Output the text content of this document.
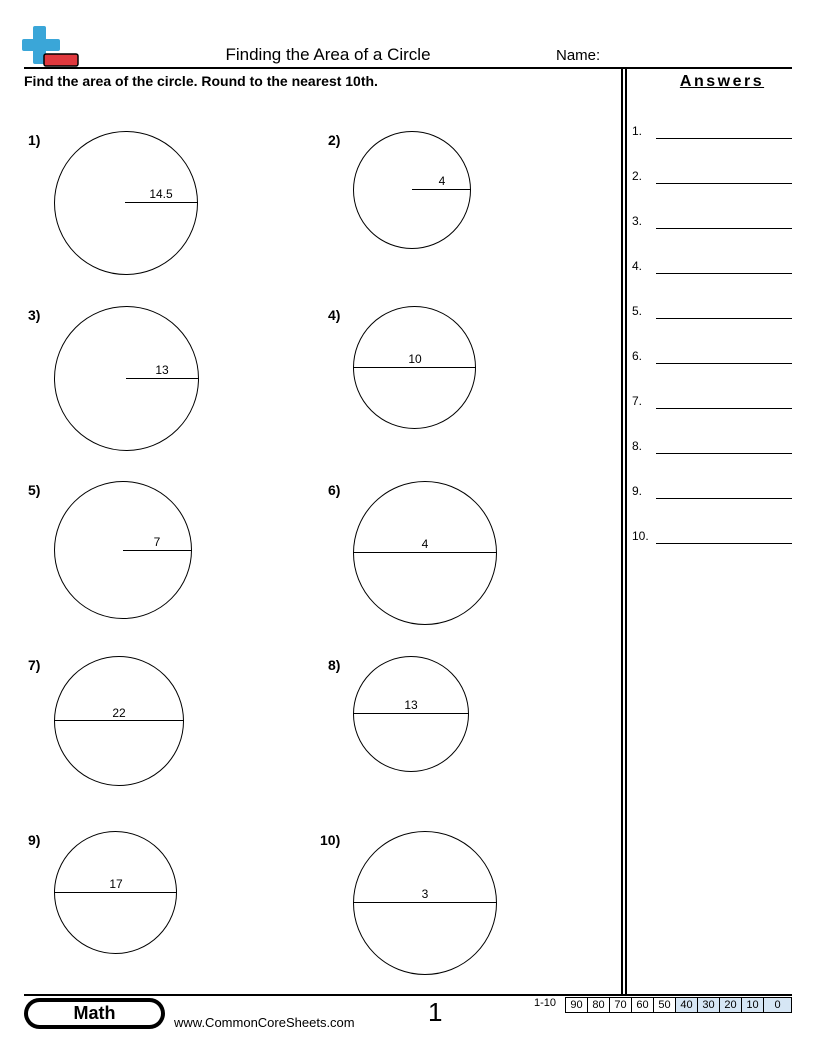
Finding the Area of a Circle	Name:
Find the area of the circle. Round to the nearest 10th.	Answers
1)
14.5
2)
4
3)
13
4)
10
5)
7
6)
4
7)
22
8)
13
9)
17
10)
3
1.
2.
3.
4.
5.
6.
7.
8.
9.
10.
Math	www.CommonCoreSheets.com	1	1-10	90 80 70 60 50 40 30 20 10	0
